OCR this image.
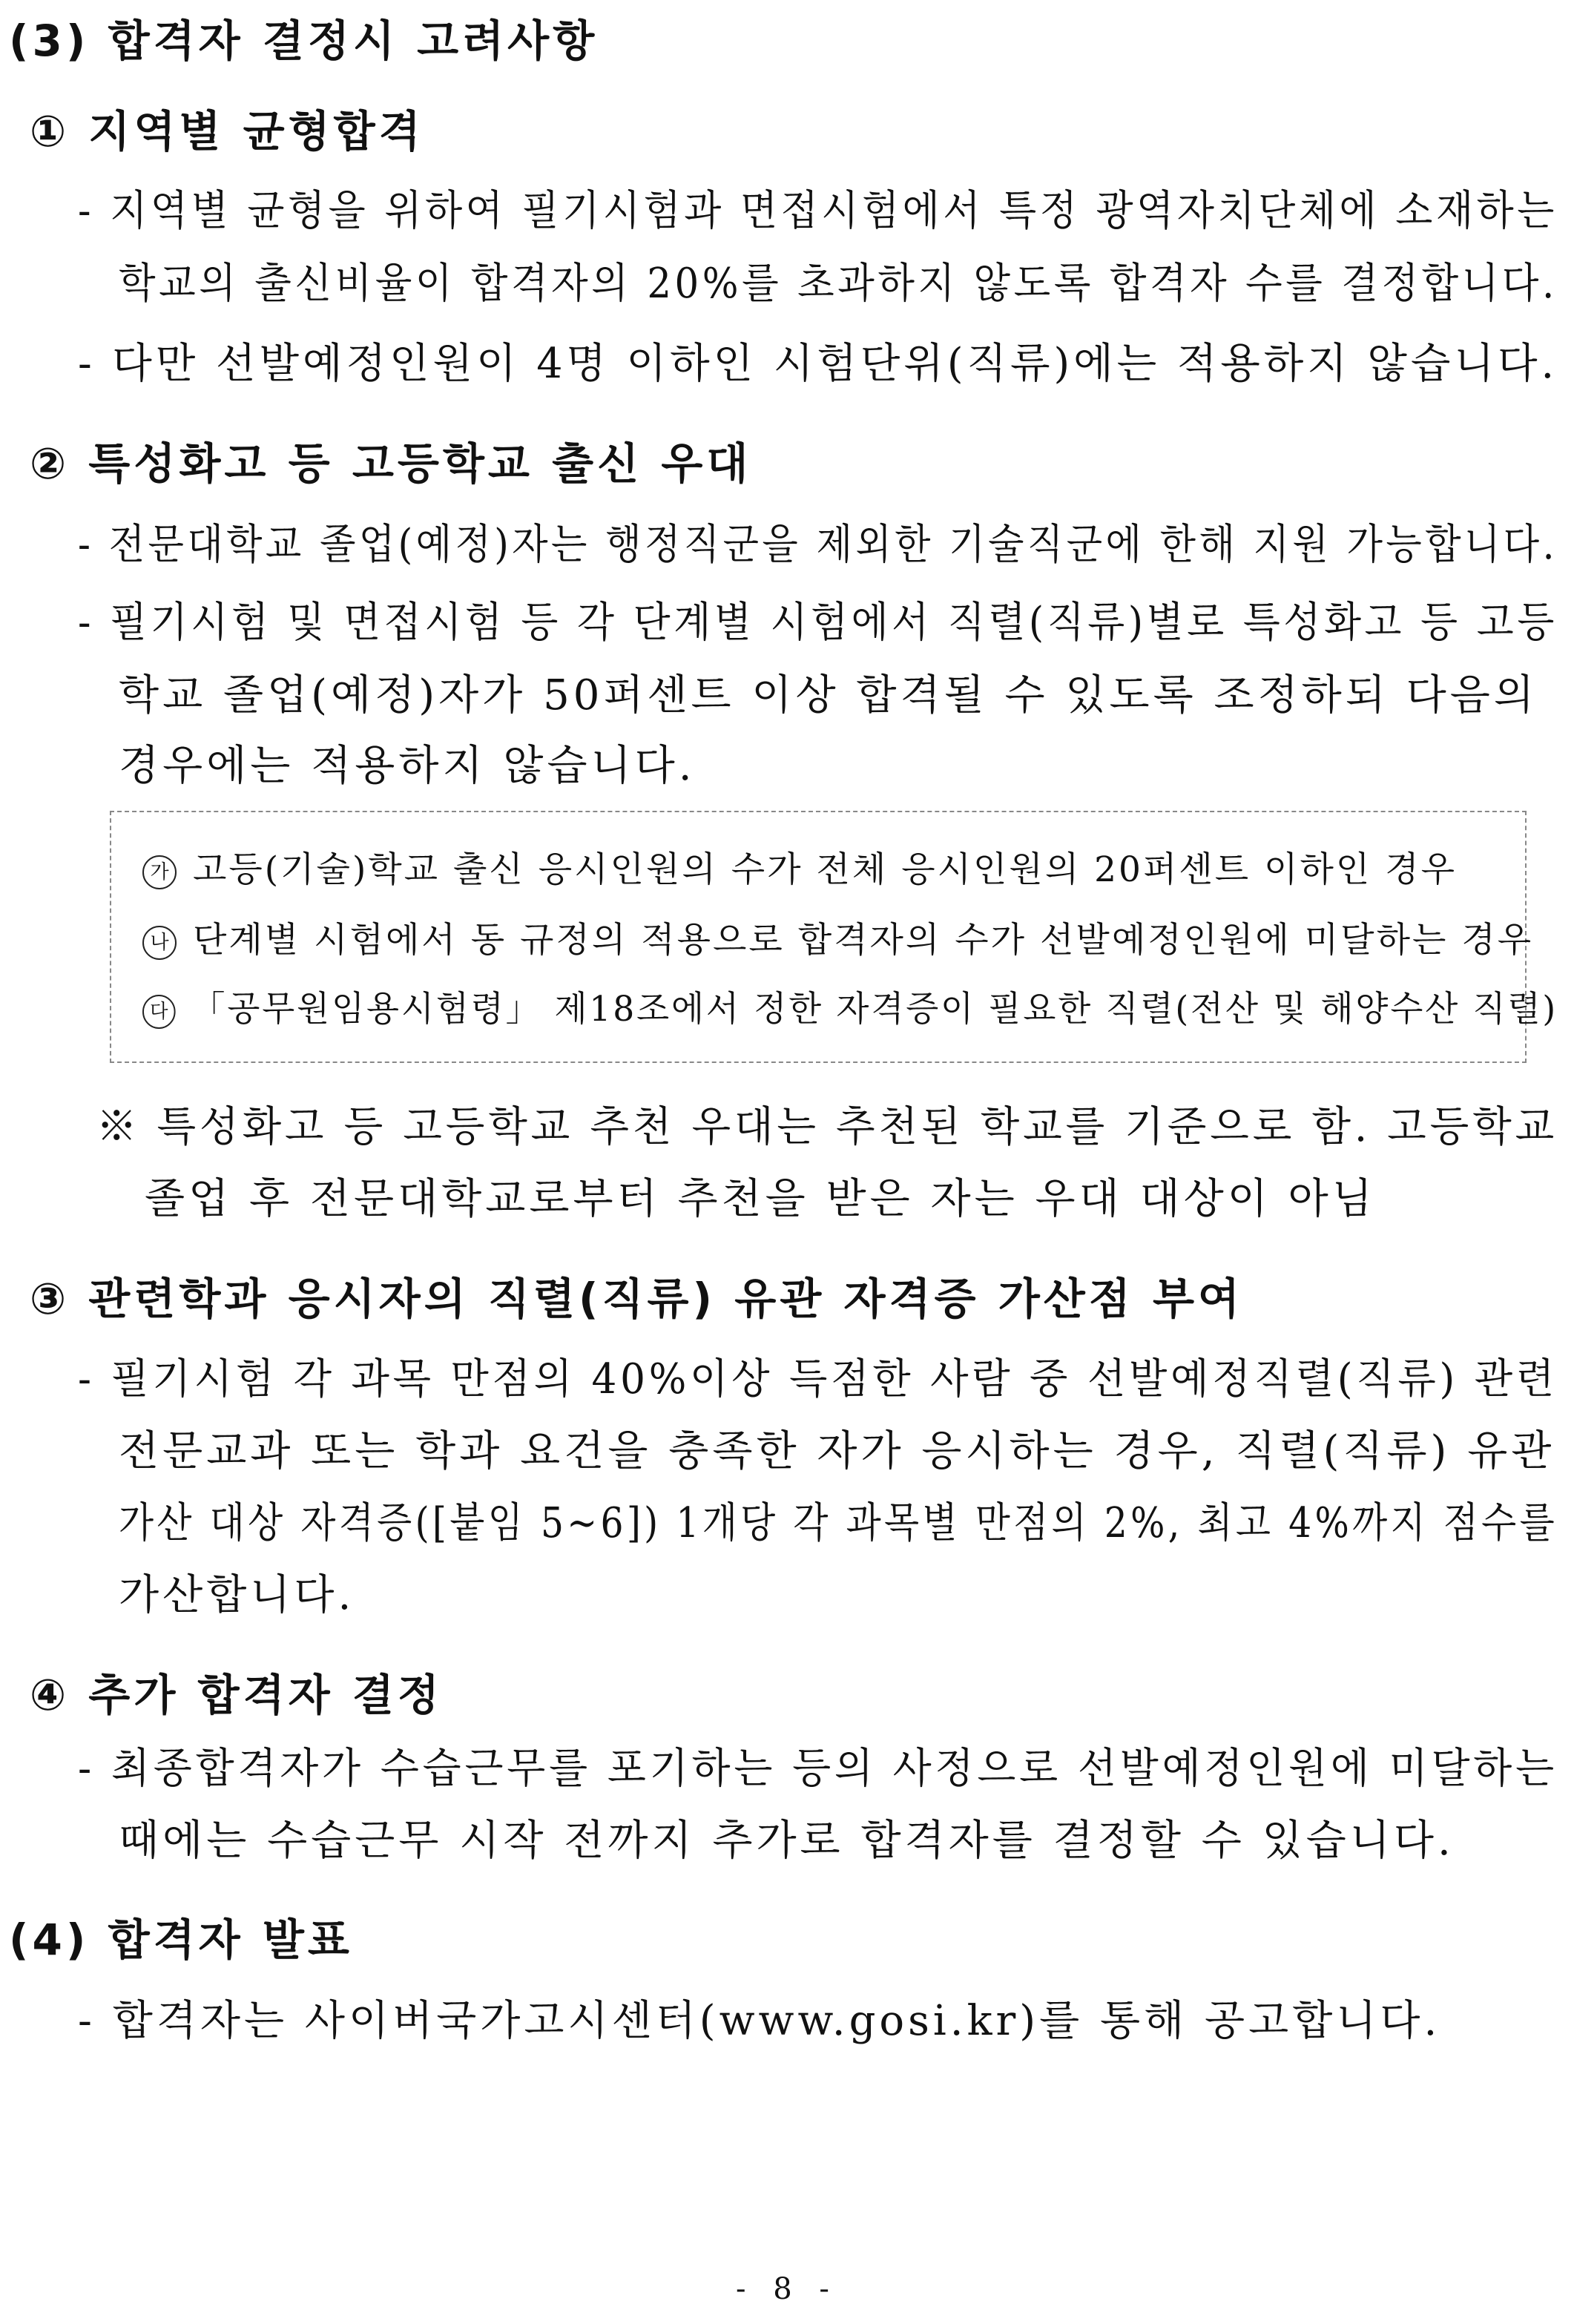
(3) 합격자 결정시 고려사항
① 지역별 균형합격
- 지역별 균형을 위하여 필기시험과 면접시험에서 특정 광역자치단체에 소재하는
학교의 출신비율이 합격자의 20%를 초과하지 않도록 합격자 수를 결정합니다.
- 다만 선발예정인원이 4명 이하인 시험단위(직류)에는 적용하지 않습니다.
② 특성화고 등 고등학교 출신 우대
- 전문대학교 졸업(예정)자는 행정직군을 제외한 기술직군에 한해 지원 가능합니다.
- 필기시험 및 면접시험 등 각 단계별 시험에서 직렬(직류)별로 특성화고 등 고등
학교 졸업(예정)자가 50퍼센트 이상 합격될 수 있도록 조정하되 다음의
경우에는 적용하지 않습니다.
가 고등(기술)학교 출신 응시인원의 수가 전체 응시인원의 20퍼센트 이하인 경우
나 단계별 시험에서 동 규정의 적용으로 합격자의 수가 선발예정인원에 미달하는 경우
다 「공무원임용시험령」 제18조에서 정한 자격증이 필요한 직렬(전산 및 해양수산 직렬)
※ 특성화고 등 고등학교 추천 우대는 추천된 학교를 기준으로 함. 고등학교
졸업 후 전문대학교로부터 추천을 받은 자는 우대 대상이 아님
③ 관련학과 응시자의 직렬(직류) 유관 자격증 가산점 부여
- 필기시험 각 과목 만점의 40%이상 득점한 사람 중 선발예정직렬(직류) 관련
전문교과 또는 학과 요건을 충족한 자가 응시하는 경우, 직렬(직류) 유관
가산 대상 자격증([붙임 5~6]) 1개당 각 과목별 만점의 2%, 최고 4%까지 점수를
가산합니다.
④ 추가 합격자 결정
- 최종합격자가 수습근무를 포기하는 등의 사정으로 선발예정인원에 미달하는
때에는 수습근무 시작 전까지 추가로 합격자를 결정할 수 있습니다.
(4) 합격자 발표
- 합격자는 사이버국가고시센터(www.gosi.kr)를 통해 공고합니다.
- 8 -
